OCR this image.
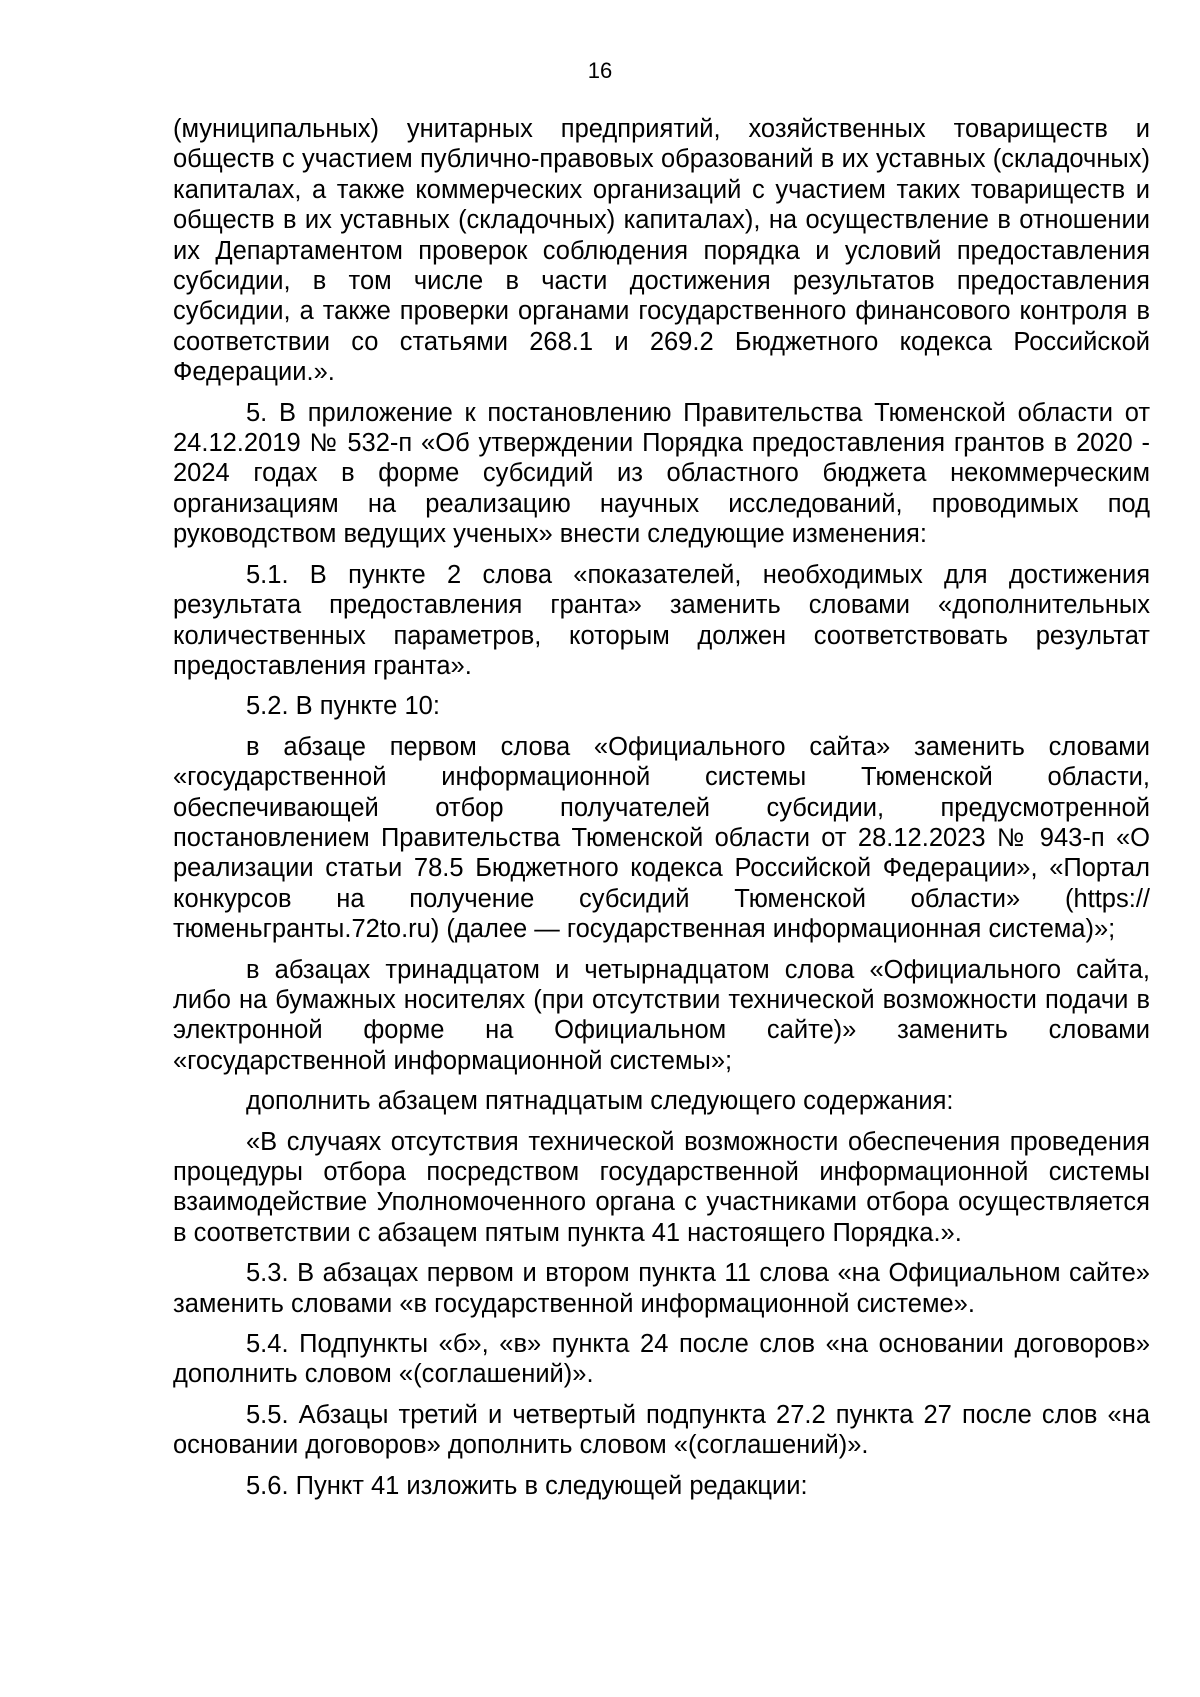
16

(муниципальных) унитарных предприятий, хозяйственных товариществ и обществ с участием публично-правовых образований в их уставных (складочных) капиталах, а также коммерческих организаций с участием таких товариществ и обществ в их уставных (складочных) капиталах), на осуществление в отношении их Департаментом проверок соблюдения порядка и условий предоставления субсидии, в том числе в части достижения результатов предоставления субсидии, а также проверки органами государственного финансового контроля в соответствии со статьями 268.1 и 269.2 Бюджетного кодекса Российской Федерации.».

5. В приложение к постановлению Правительства Тюменской области от 24.12.2019 № 532-п «Об утверждении Порядка предоставления грантов в 2020 - 2024 годах в форме субсидий из областного бюджета некоммерческим организациям на реализацию научных исследований, проводимых под руководством ведущих ученых» внести следующие изменения:

5.1. В пункте 2 слова «показателей, необходимых для достижения результата предоставления гранта» заменить словами «дополнительных количественных параметров, которым должен соответствовать результат предоставления гранта».

5.2. В пункте 10:

в абзаце первом слова «Официального сайта» заменить словами «государственной информационной системы Тюменской области, обеспечивающей отбор получателей субсидии, предусмотренной постановлением Правительства Тюменской области от 28.12.2023 № 943-п «О реализации статьи 78.5 Бюджетного кодекса Российской Федерации», «Портал конкурсов на получение субсидий Тюменской области» (https://тюменьгранты.72to.ru) (далее — государственная информационная система)»;

в абзацах тринадцатом и четырнадцатом слова «Официального сайта, либо на бумажных носителях (при отсутствии технической возможности подачи в электронной форме на Официальном сайте)» заменить словами «государственной информационной системы»;

дополнить абзацем пятнадцатым следующего содержания:

«В случаях отсутствия технической возможности обеспечения проведения процедуры отбора посредством государственной информационной системы взаимодействие Уполномоченного органа с участниками отбора осуществляется в соответствии с абзацем пятым пункта 41 настоящего Порядка.».

5.3. В абзацах первом и втором пункта 11 слова «на Официальном сайте» заменить словами «в государственной информационной системе».

5.4. Подпункты «б», «в» пункта 24 после слов «на основании договоров» дополнить словом «(соглашений)».

5.5. Абзацы третий и четвертый подпункта 27.2 пункта 27 после слов «на основании договоров» дополнить словом «(соглашений)».

5.6. Пункт 41 изложить в следующей редакции:
